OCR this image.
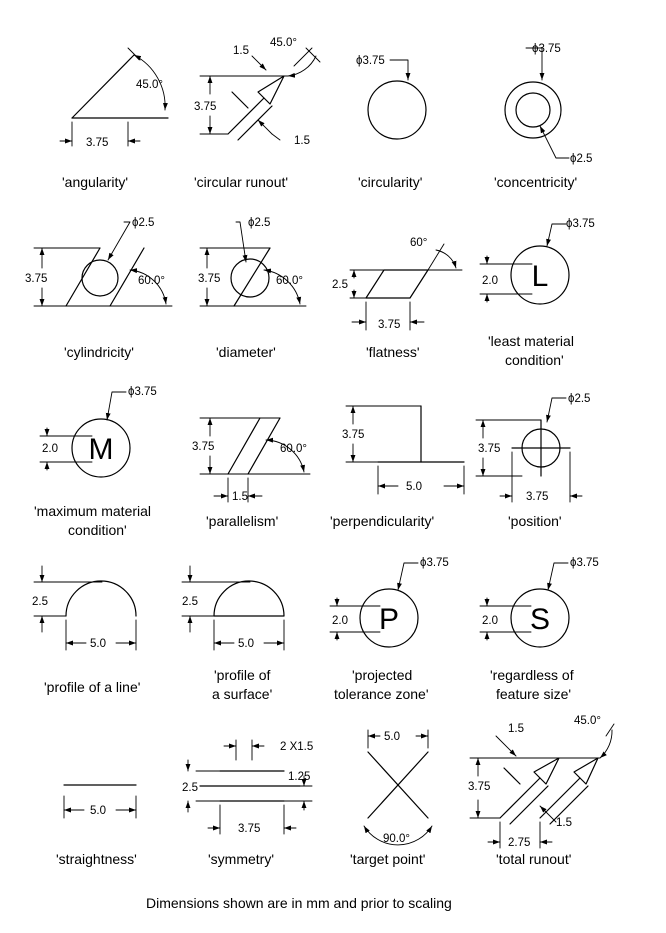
45.0°
3.75
'angularity'
1.5
45.0°
3.75
1.5
'circular runout'
ϕ3.75
'circularity'
ϕ3.75
ϕ2.5
'concentricity'
ϕ2.5
3.75	60.0°
'cylindricity'
ϕ2.5
3.75	60.0°
'diameter'
60°
2.5
3.75
'flatness'
ϕ3.75
2.0 L
'least material
condition'
ϕ3.75
2.0 M
'maximum material
condition'
3.75	60.0°
1.5
'parallelism'
3.75
5.0
'perpendicularity'
ϕ2.5
3.75
3.75
'position'
2.5
5.0
'profile of a line'
2.5
5.0
'profile of
a surface'
ϕ3.75
2.0 P
'projected
tolerance zone'
ϕ3.75
2.0 S
'regardless of
feature size'
5.0
'straightness'
2 X1.5
2.5
1.25
3.75
'symmetry'
5.0
90.0°
'target point'
1.5
45.0°
3.75
1.5
2.75
'total runout'
Dimensions shown are in mm and prior to scaling
